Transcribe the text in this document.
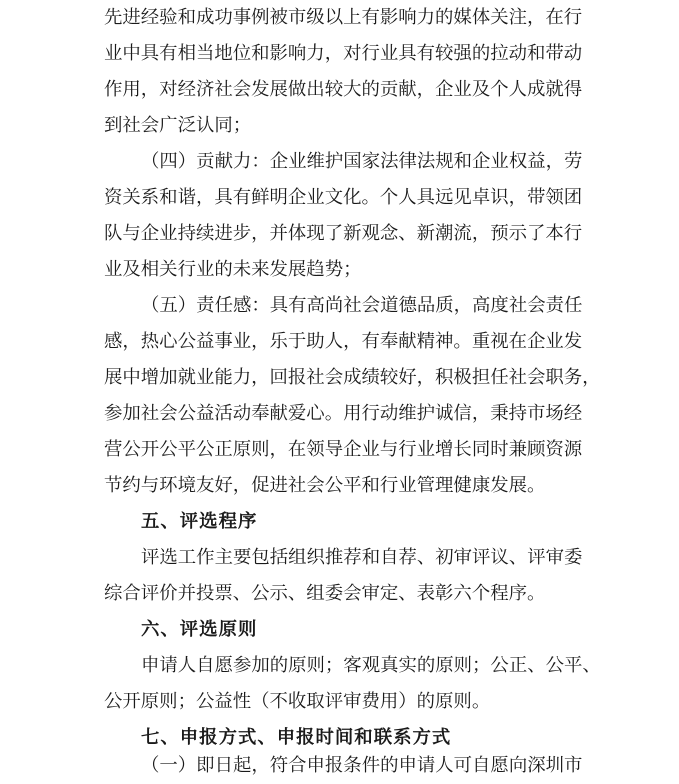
先进经验和成功事例被市级以上有影响力的媒体关注，在行
业中具有相当地位和影响力，对行业具有较强的拉动和带动
作用，对经济社会发展做出较大的贡献，企业及个人成就得
到社会广泛认同；
（四）贡献力：企业维护国家法律法规和企业权益，劳
资关系和谐，具有鲜明企业文化。个人具远见卓识，带领团
队与企业持续进步，并体现了新观念、新潮流，预示了本行
业及相关行业的未来发展趋势；
（五）责任感：具有高尚社会道德品质，高度社会责任
感，热心公益事业，乐于助人，有奉献精神。重视在企业发
展中增加就业能力，回报社会成绩较好，积极担任社会职务，
参加社会公益活动奉献爱心。用行动维护诚信，秉持市场经
营公开公平公正原则，在领导企业与行业增长同时兼顾资源
节约与环境友好，促进社会公平和行业管理健康发展。
五、评选程序
评选工作主要包括组织推荐和自荐、初审评议、评审委
综合评价并投票、公示、组委会审定、表彰六个程序。
六、评选原则
申请人自愿参加的原则；客观真实的原则；公正、公平、
公开原则；公益性（不收取评审费用）的原则。
七、申报方式、申报时间和联系方式
（一）即日起，符合申报条件的申请人可自愿向深圳市
